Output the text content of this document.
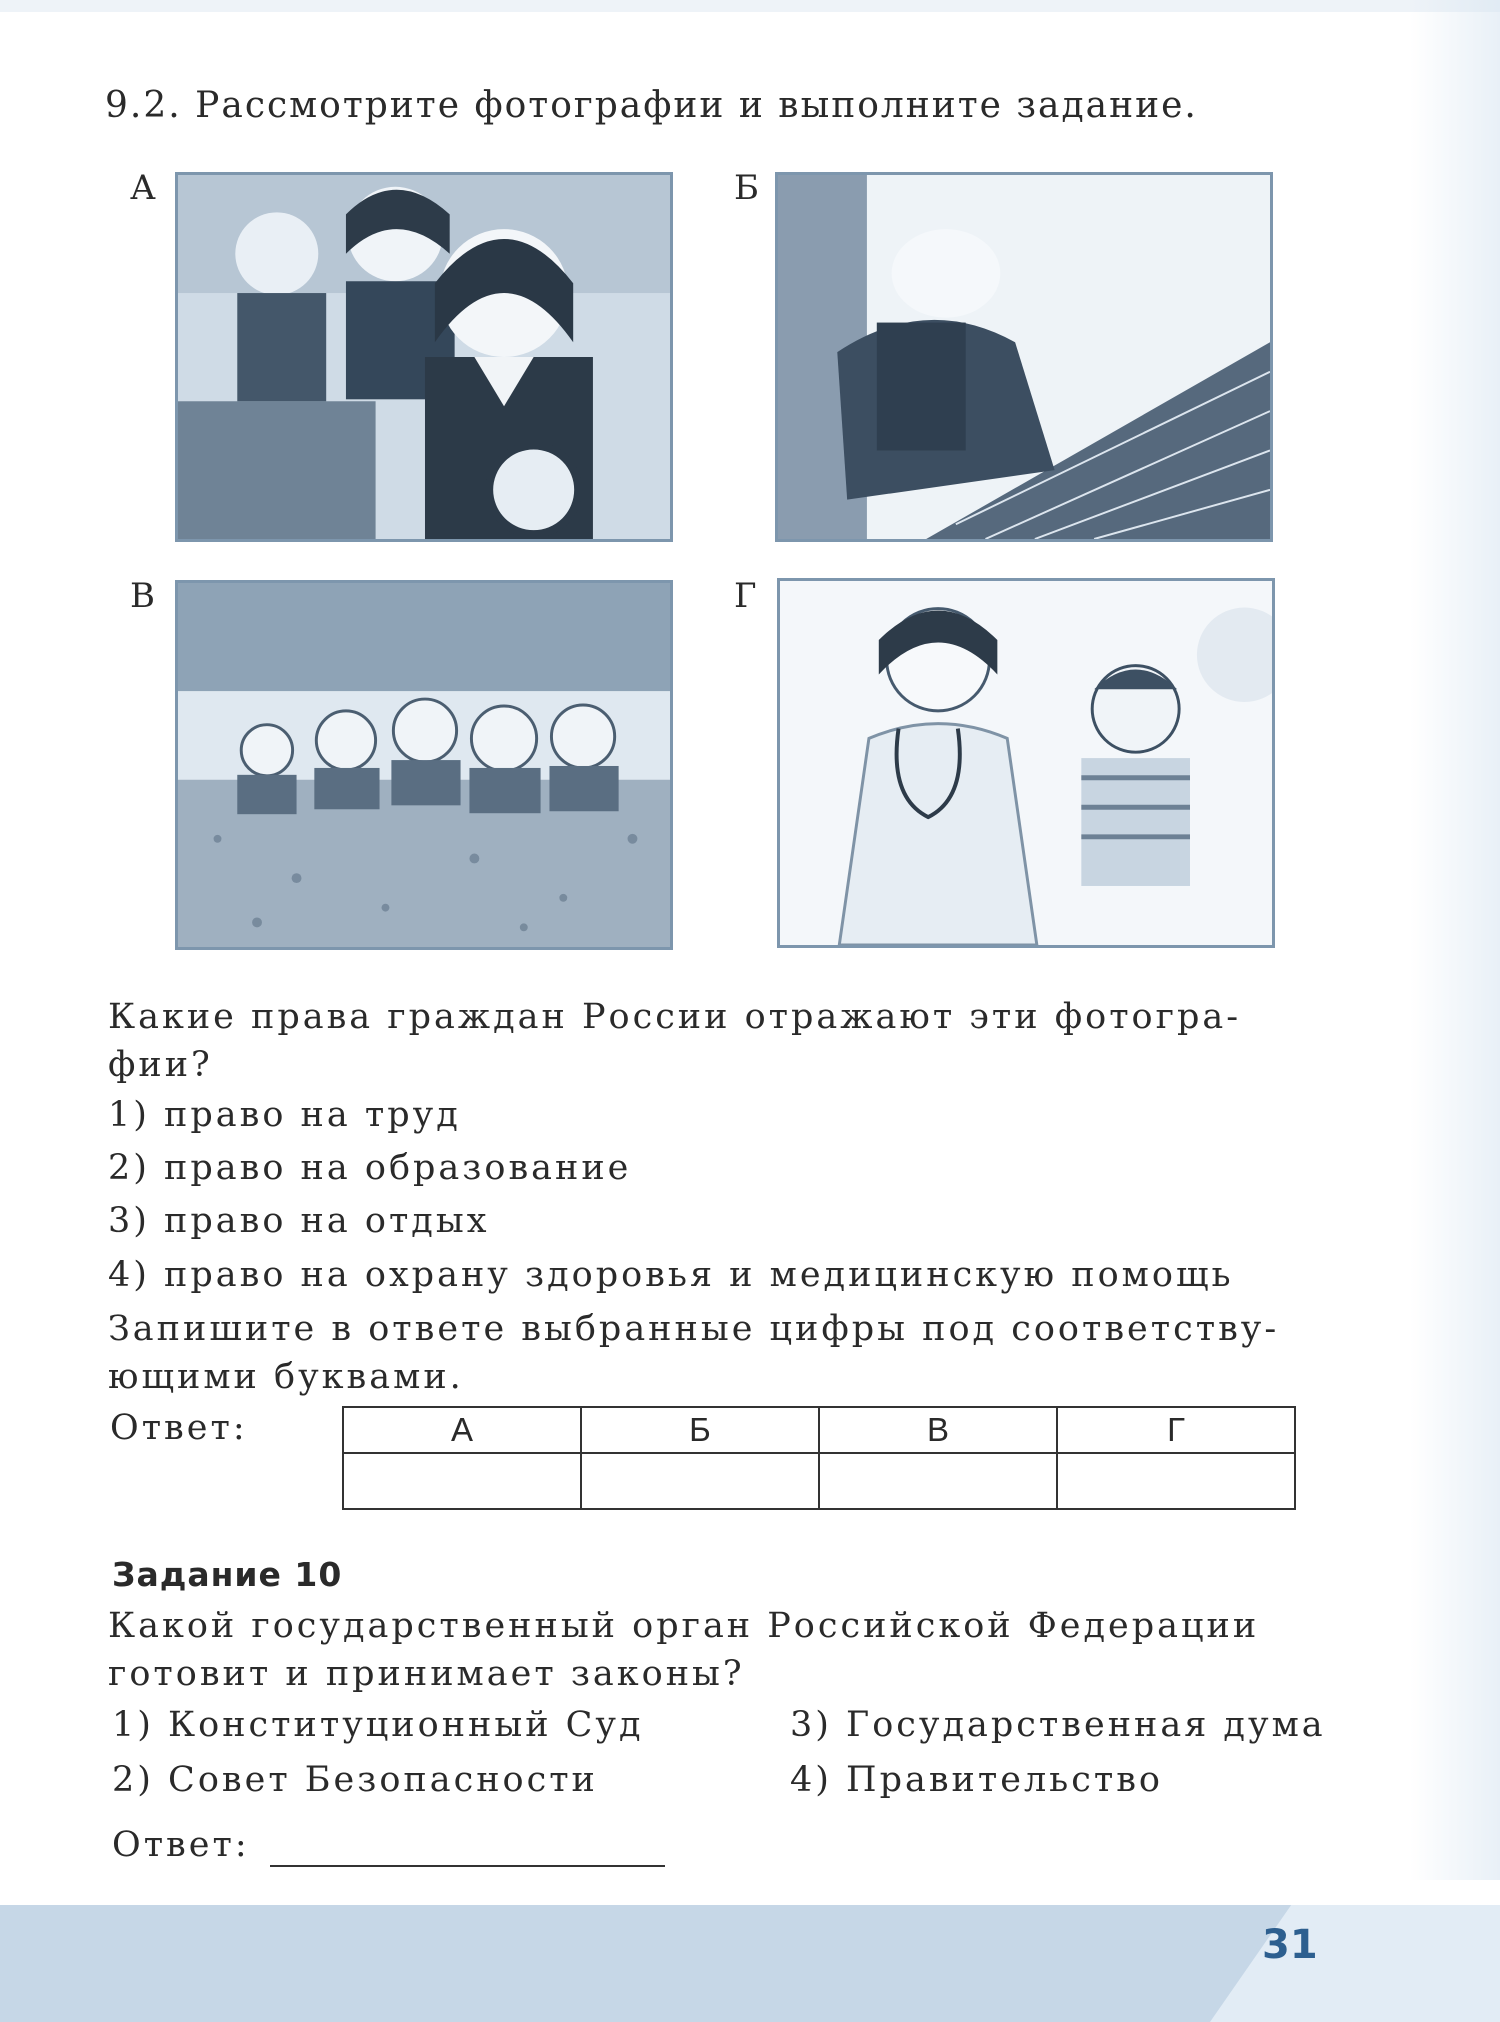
9.2. Рассмотрите фотографии и выполните задание.
А	Б
В	Г
Какие права граждан России отражают эти фотогра-
фии?
1) право на труд
2) право на образование
3) право на отдых
4) право на охрану здоровья и медицинскую помощь
Запишите в ответе выбранные цифры под соответству-
ющими буквами.
Ответ:	А	Б	В	Г

Задание 10
Какой государственный орган Российской Федерации
готовит и принимает законы?
1) Конституционный Суд
2) Совет Безопасности
3) Государственная дума
4) Правительство
Ответ:
31
